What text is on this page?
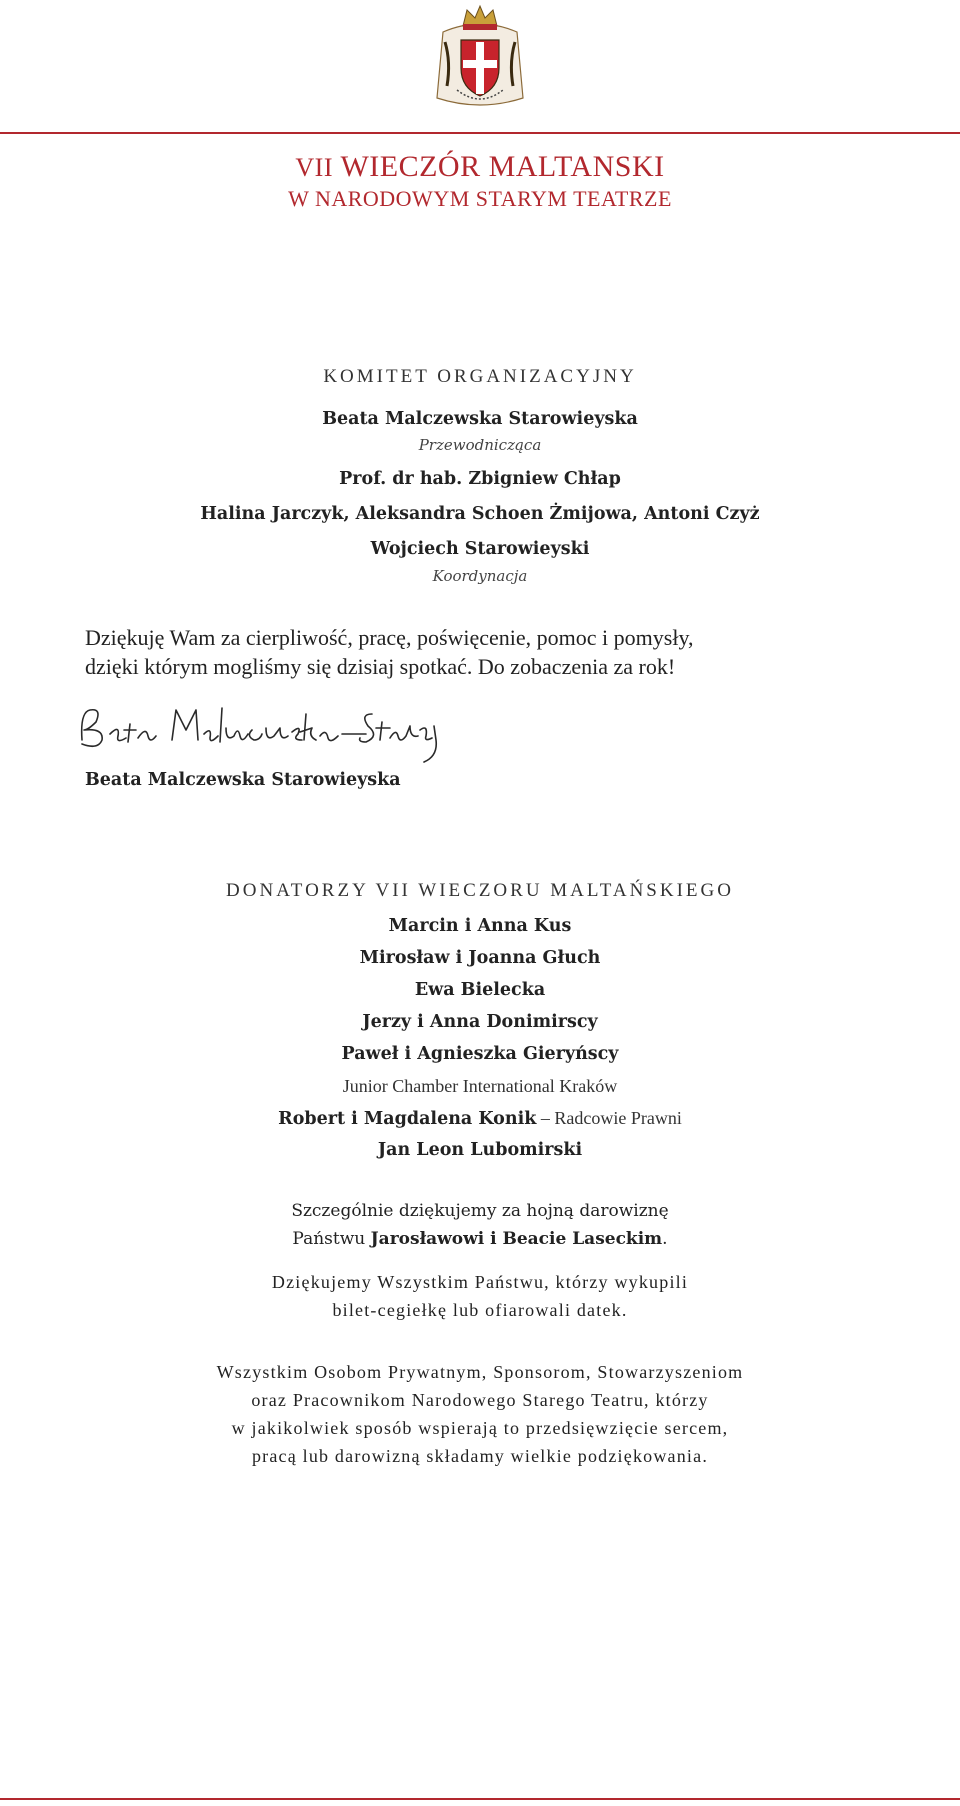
VII WIECZÓR MALTANSKI
W NARODOWYM STARYM TEATRZE
KOMITET ORGANIZACYJNY
Beata Malczewska Starowieyska
Przewodnicząca
Prof. dr hab. Zbigniew Chłap
Halina Jarczyk, Aleksandra Schoen Żmijowa, Antoni Czyż
Wojciech Starowieyski
Koordynacja
Dziękuję Wam za cierpliwość, pracę, poświęcenie, pomoc i pomysły,
dzięki którym mogliśmy się dzisiaj spotkać. Do zobaczenia za rok!
Beata Malczewska Starowieyska
DONATORZY VII WIECZORU MALTAŃSKIEGO
Marcin i Anna Kus
Mirosław i Joanna Głuch
Ewa Bielecka
Jerzy i Anna Donimirscy
Paweł i Agnieszka Gieryńscy
Junior Chamber International Kraków
Robert i Magdalena Konik – Radcowie Prawni
Jan Leon Lubomirski
Szczególnie dziękujemy za hojną darowiznę
Państwu Jarosławowi i Beacie Laseckim.
Dziękujemy Wszystkim Państwu, którzy wykupili
bilet-cegiełkę lub ofiarowali datek.
Wszystkim Osobom Prywatnym, Sponsorom, Stowarzyszeniom
oraz Pracownikom Narodowego Starego Teatru, którzy
w jakikolwiek sposób wspierają to przedsięwzięcie sercem,
pracą lub darowizną składamy wielkie podziękowania.
